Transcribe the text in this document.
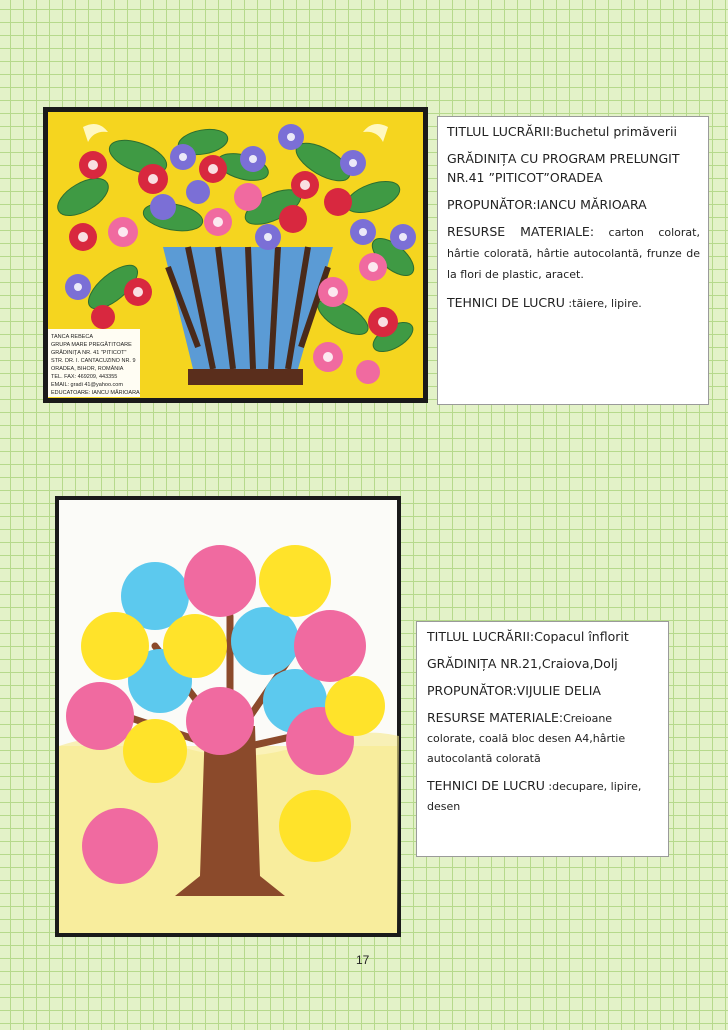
TANCA REBECA
GRUPA MARE PREGĂTITOARE
GRĂDINIȚA NR. 41 "PITICOT"
STR. DR. I. CANTACUZINO NR. 9
ORADEA, BIHOR, ROMÂNIA
TEL. FAX: 469209, 443355
EMAIL: gradi 41@yahoo.com
EDUCATOARE: IANCU MĂRIOARA

TITLUL LUCRĂRII:Buchetul primăverii

GRĂDINIȚA CU PROGRAM PRELUNGIT NR.41 ”PITICOT”ORADEA

PROPUNĂTOR:IANCU MĂRIOARA

RESURSE MATERIALE: carton colorat, hârtie colorată, hârtie autocolantă, frunze de la flori de plastic, aracet.

TEHNICI DE LUCRU :tăiere, lipire.

TITLUL LUCRĂRII:Copacul înflorit

GRĂDINIȚA NR.21,Craiova,Dolj

PROPUNĂTOR:VIJULIE DELIA

RESURSE MATERIALE:Creioane colorate, coală bloc desen A4,hârtie autocolantă colorată

TEHNICI DE LUCRU :decupare, lipire, desen

17
